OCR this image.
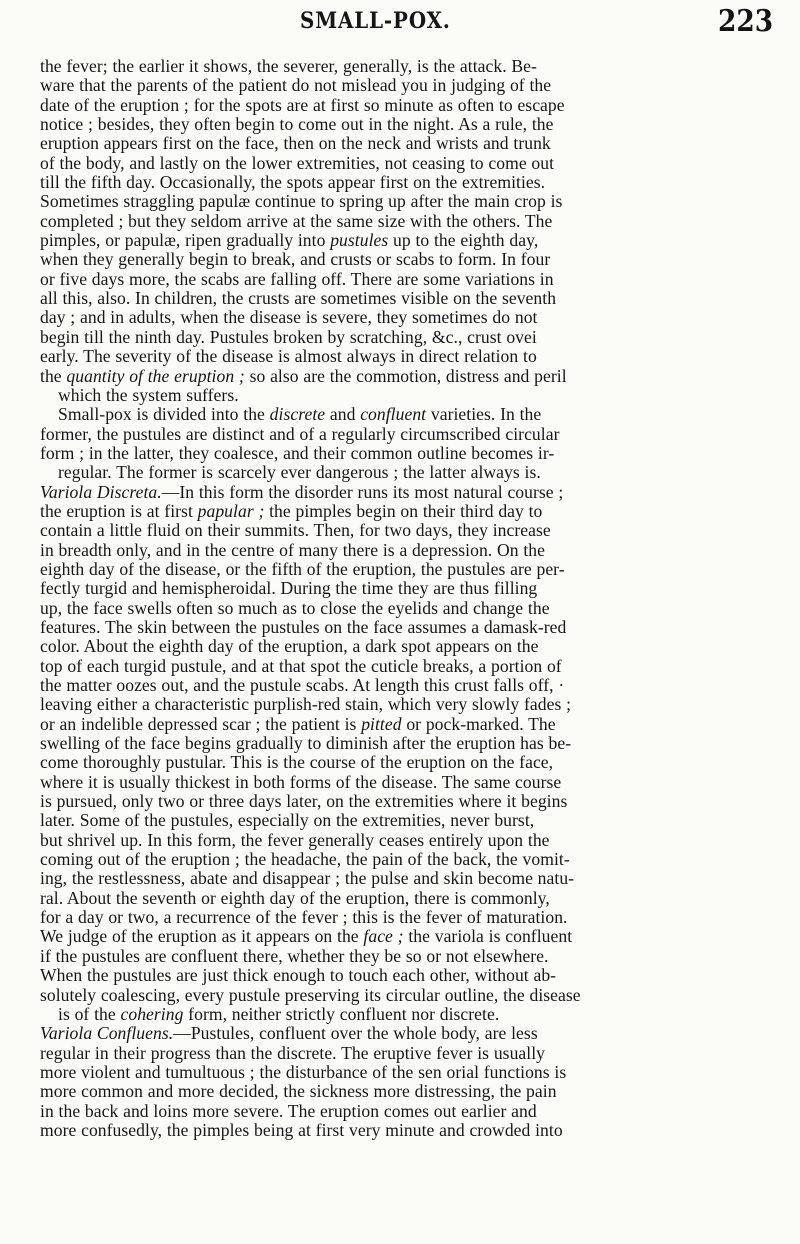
SMALL-POX.	223
the fever; the earlier it shows, the severer, generally, is the attack. Be-
ware that the parents of the patient do not mislead you in judging of the
date of the eruption ; for the spots are at first so minute as often to escape
notice ; besides, they often begin to come out in the night. As a rule, the
eruption appears first on the face, then on the neck and wrists and trunk
of the body, and lastly on the lower extremities, not ceasing to come out
till the fifth day. Occasionally, the spots appear first on the extremities.
Sometimes straggling papulæ continue to spring up after the main crop is
completed ; but they seldom arrive at the same size with the others. The
pimples, or papulæ, ripen gradually into pustules up to the eighth day,
when they generally begin to break, and crusts or scabs to form. In four
or five days more, the scabs are falling off. There are some variations in
all this, also. In children, the crusts are sometimes visible on the seventh
day ; and in adults, when the disease is severe, they sometimes do not
begin till the ninth day. Pustules broken by scratching, &c., crust ovei
early. The severity of the disease is almost always in direct relation to
the quantity of the eruption ; so also are the commotion, distress and peril
which the system suffers.
Small-pox is divided into the discrete and confluent varieties. In the
former, the pustules are distinct and of a regularly circumscribed circular
form ; in the latter, they coalesce, and their common outline becomes ir-
regular. The former is scarcely ever dangerous ; the latter always is.
Variola Discreta.—In this form the disorder runs its most natural course ;
the eruption is at first papular ; the pimples begin on their third day to
contain a little fluid on their summits. Then, for two days, they increase
in breadth only, and in the centre of many there is a depression. On the
eighth day of the disease, or the fifth of the eruption, the pustules are per-
fectly turgid and hemispheroidal. During the time they are thus filling
up, the face swells often so much as to close the eyelids and change the
features. The skin between the pustules on the face assumes a damask-red
color. About the eighth day of the eruption, a dark spot appears on the
top of each turgid pustule, and at that spot the cuticle breaks, a portion of
the matter oozes out, and the pustule scabs. At length this crust falls off, ·
leaving either a characteristic purplish-red stain, which very slowly fades ;
or an indelible depressed scar ; the patient is pitted or pock-marked. The
swelling of the face begins gradually to diminish after the eruption has be-
come thoroughly pustular. This is the course of the eruption on the face,
where it is usually thickest in both forms of the disease. The same course
is pursued, only two or three days later, on the extremities where it begins
later. Some of the pustules, especially on the extremities, never burst,
but shrivel up. In this form, the fever generally ceases entirely upon the
coming out of the eruption ; the headache, the pain of the back, the vomit-
ing, the restlessness, abate and disappear ; the pulse and skin become natu-
ral. About the seventh or eighth day of the eruption, there is commonly,
for a day or two, a recurrence of the fever ; this is the fever of maturation.
We judge of the eruption as it appears on the face ; the variola is confluent
if the pustules are confluent there, whether they be so or not elsewhere.
When the pustules are just thick enough to touch each other, without ab-
solutely coalescing, every pustule preserving its circular outline, the disease
is of the cohering form, neither strictly confluent nor discrete.
Variola Confluens.—Pustules, confluent over the whole body, are less
regular in their progress than the discrete. The eruptive fever is usually
more violent and tumultuous ; the disturbance of the sen orial functions is
more common and more decided, the sickness more distressing, the pain
in the back and loins more severe. The eruption comes out earlier and
more confusedly, the pimples being at first very minute and crowded into
